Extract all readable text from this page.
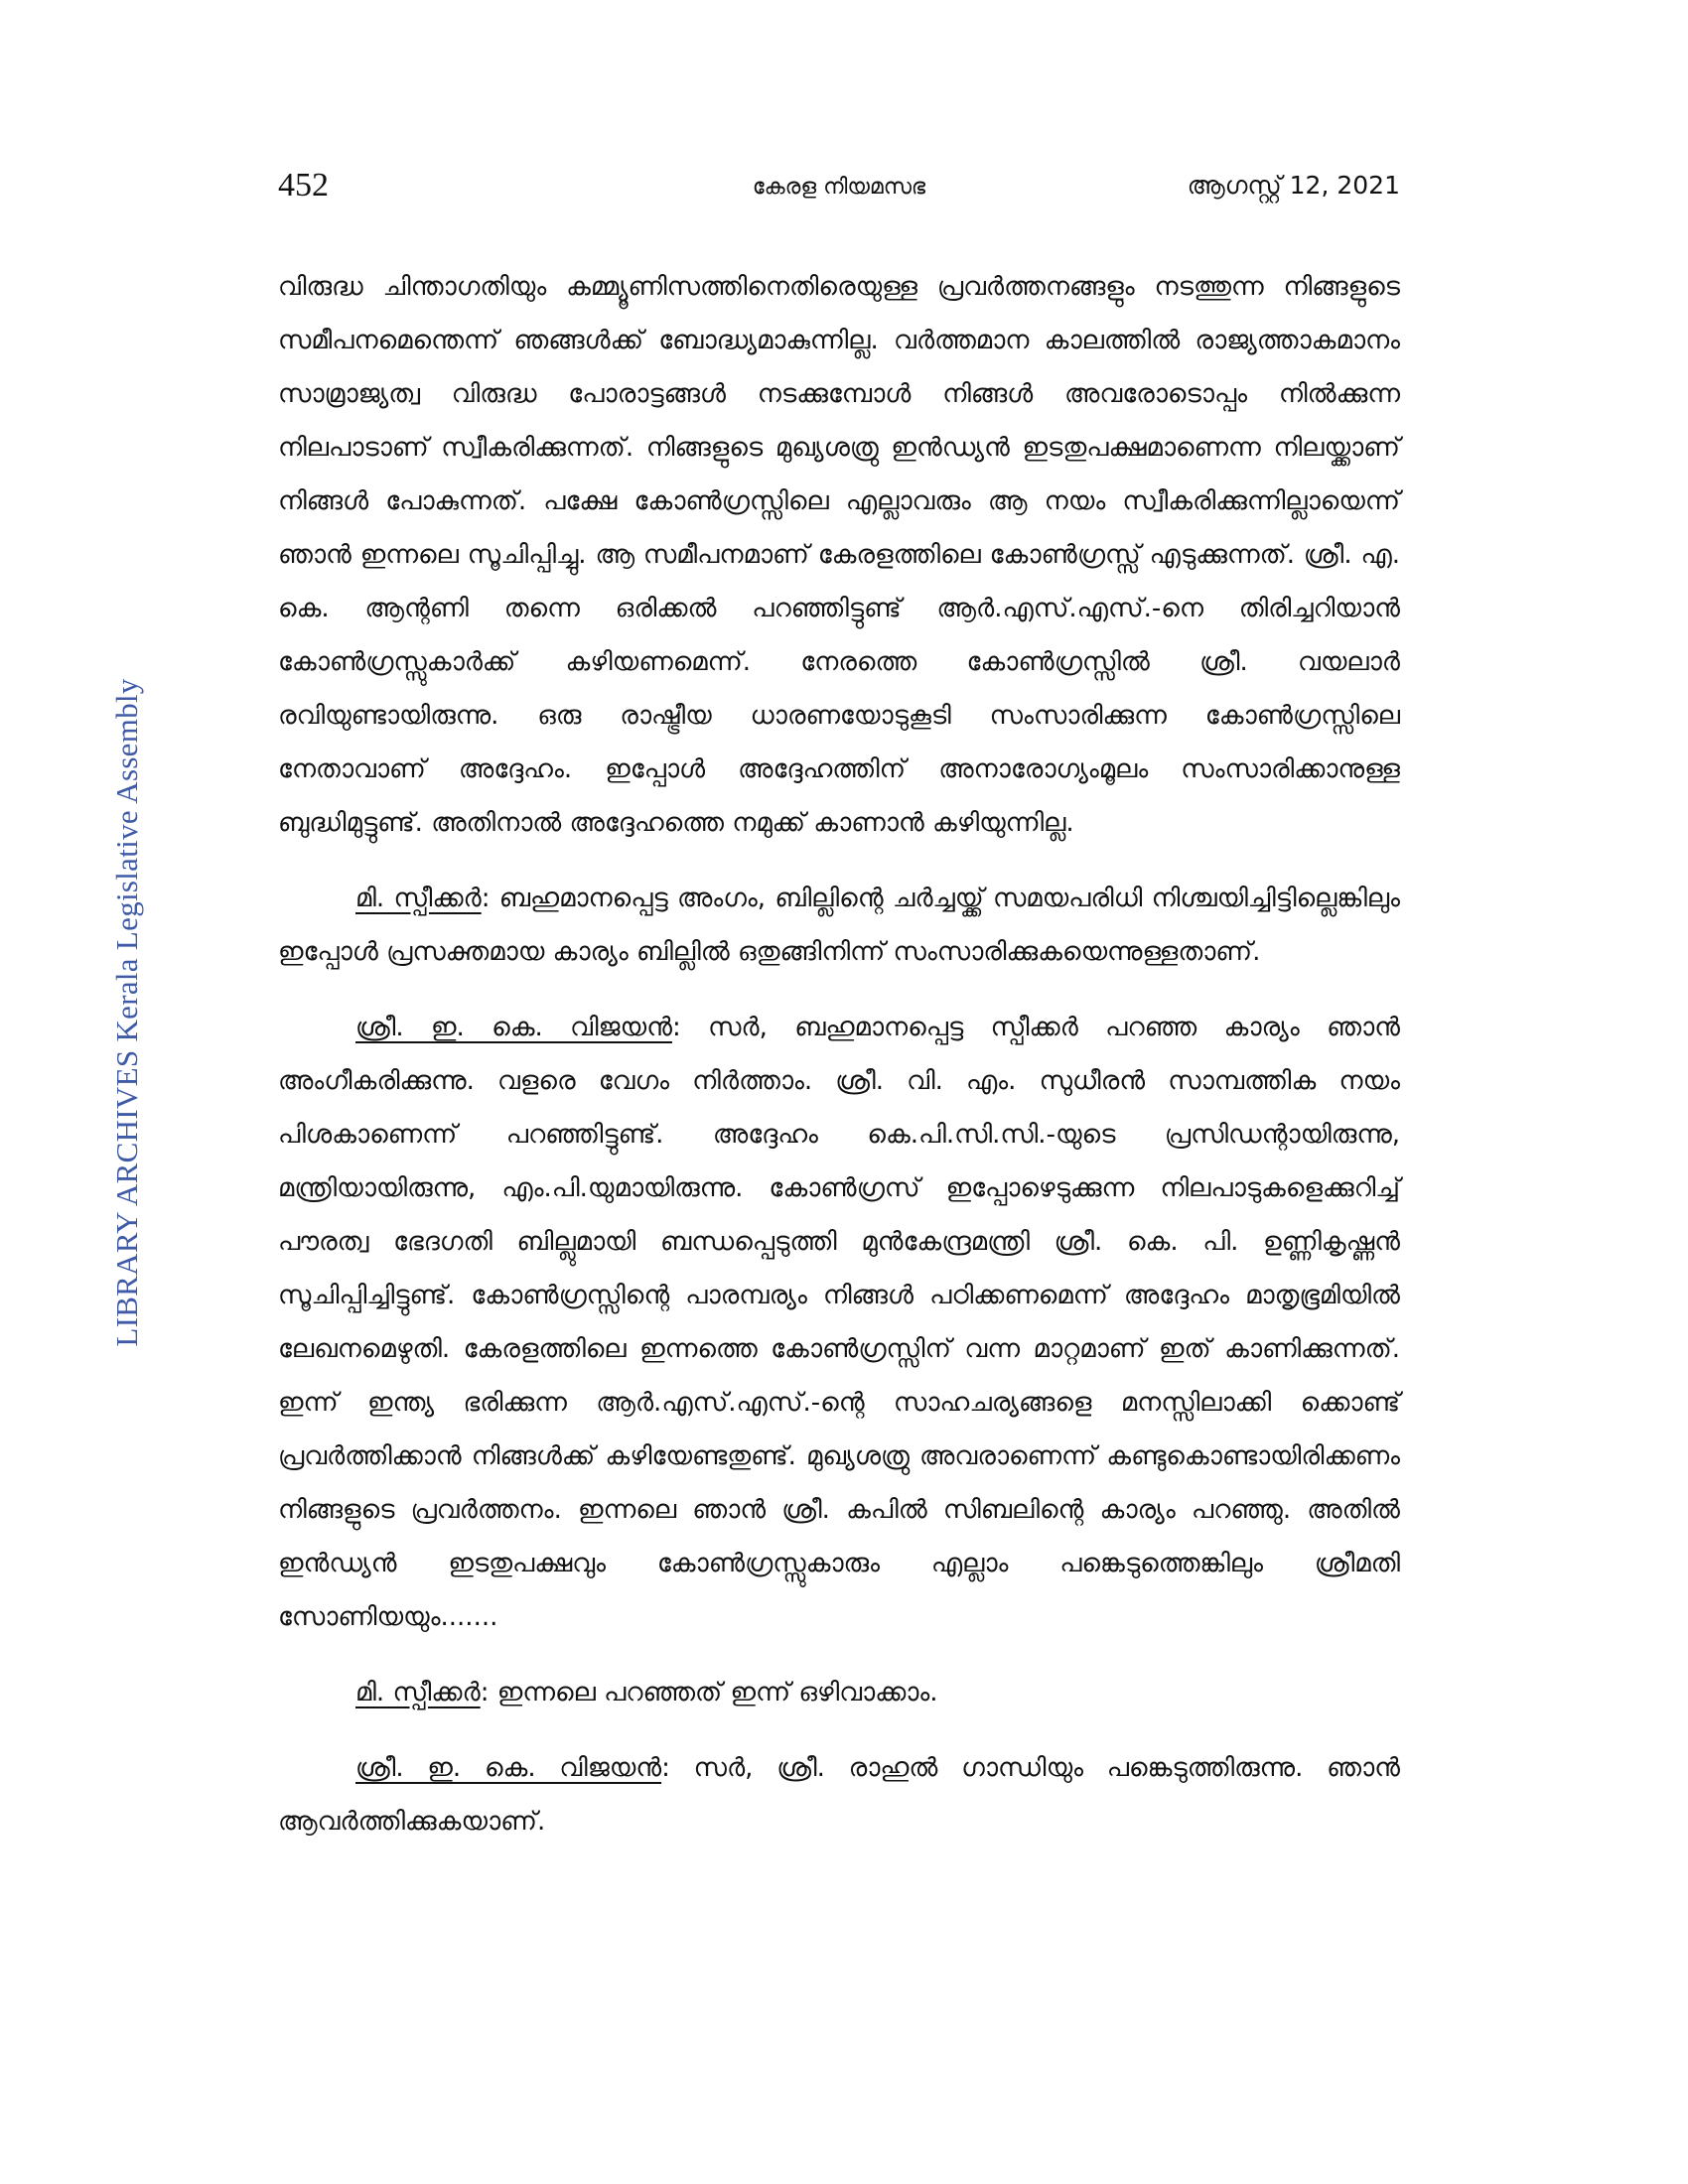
452	കേരള നിയമസഭ	ആഗസ്റ്റ് 12, 2021
LIBRARY ARCHIVES Kerala Legislative Assembly

വിരുദ്ധ ചിന്താഗതിയും കമ്മ്യൂണിസത്തിനെതിരെയുള്ള പ്രവർത്തനങ്ങളും നടത്തുന്ന നിങ്ങളുടെ സമീപനമെന്തെന്ന് ഞങ്ങൾക്ക് ബോദ്ധ്യമാകുന്നില്ല. വർത്തമാന കാലത്തിൽ രാജ്യത്താകമാനം സാമ്രാജ്യത്വ വിരുദ്ധ പോരാട്ടങ്ങൾ നടക്കുമ്പോൾ നിങ്ങൾ അവരോടൊപ്പം നിൽക്കുന്ന നിലപാടാണ് സ്വീകരിക്കുന്നത്. നിങ്ങളുടെ മുഖ്യശത്രു ഇൻഡ്യൻ ഇടതുപക്ഷമാണെന്ന നിലയ്ക്കാണ് നിങ്ങൾ പോകുന്നത്. പക്ഷേ കോൺഗ്രസ്സിലെ എല്ലാവരും ആ നയം സ്വീകരിക്കുന്നില്ലായെന്ന് ഞാൻ ഇന്നലെ സൂചിപ്പിച്ചു. ആ സമീപനമാണ് കേരളത്തിലെ കോൺഗ്രസ്സ് എടുക്കുന്നത്. ശ്രീ. എ. കെ. ആന്റണി തന്നെ ഒരിക്കൽ പറഞ്ഞിട്ടുണ്ട് ആർ.എസ്.എസ്.-നെ തിരിച്ചറിയാൻ കോൺഗ്രസ്സുകാർക്ക് കഴിയണമെന്ന്. നേരത്തെ കോൺഗ്രസ്സിൽ ശ്രീ. വയലാർ രവിയുണ്ടായിരുന്നു. ഒരു രാഷ്ട്രീയ ധാരണയോടുകൂടി സംസാരിക്കുന്ന കോൺഗ്രസ്സിലെ നേതാവാണ് അദ്ദേഹം. ഇപ്പോൾ അദ്ദേഹത്തിന് അനാരോഗ്യംമൂലം സംസാരിക്കാനുള്ള ബുദ്ധിമുട്ടുണ്ട്. അതിനാൽ അദ്ദേഹത്തെ നമുക്ക് കാണാൻ കഴിയുന്നില്ല.

മി. സ്പീക്കർ: ബഹുമാനപ്പെട്ട അംഗം, ബില്ലിന്റെ ചർച്ചയ്ക്ക് സമയപരിധി നിശ്ചയിച്ചിട്ടില്ലെങ്കിലും ഇപ്പോൾ പ്രസക്തമായ കാര്യം ബില്ലിൽ ഒതുങ്ങിനിന്ന് സംസാരിക്കുകയെന്നുള്ളതാണ്.

ശ്രീ. ഇ. കെ. വിജയൻ: സർ, ബഹുമാനപ്പെട്ട സ്പീക്കർ പറഞ്ഞ കാര്യം ഞാൻ അംഗീകരിക്കുന്നു. വളരെ വേഗം നിർത്താം. ശ്രീ. വി. എം. സുധീരൻ സാമ്പത്തിക നയം പിശകാണെന്ന് പറഞ്ഞിട്ടുണ്ട്. അദ്ദേഹം കെ.പി.സി.സി.-യുടെ പ്രസിഡന്റായിരുന്നു, മന്ത്രിയായിരുന്നു, എം.പി.യുമായിരുന്നു. കോൺഗ്രസ് ഇപ്പോഴെടുക്കുന്ന നിലപാടുകളെക്കുറിച്ച് പൗരത്വ ഭേദഗതി ബില്ലുമായി ബന്ധപ്പെടുത്തി മുൻകേന്ദ്രമന്ത്രി ശ്രീ. കെ. പി. ഉണ്ണികൃഷ്ണൻ സൂചിപ്പിച്ചിട്ടുണ്ട്. കോൺഗ്രസ്സിന്റെ പാരമ്പര്യം നിങ്ങൾ പഠിക്കണമെന്ന് അദ്ദേഹം മാതൃഭൂമിയിൽ ലേഖനമെഴുതി. കേരളത്തിലെ ഇന്നത്തെ കോൺഗ്രസ്സിന് വന്ന മാറ്റമാണ് ഇത് കാണിക്കുന്നത്. ഇന്ന് ഇന്ത്യ ഭരിക്കുന്ന ആർ.എസ്.എസ്.-ന്റെ സാഹചര്യങ്ങളെ മനസ്സിലാക്കി ക്കൊണ്ട് പ്രവർത്തിക്കാൻ നിങ്ങൾക്ക് കഴിയേണ്ടതുണ്ട്. മുഖ്യശത്രു അവരാണെന്ന് കണ്ടുകൊണ്ടായിരിക്കണം നിങ്ങളുടെ പ്രവർത്തനം. ഇന്നലെ ഞാൻ ശ്രീ. കപിൽ സിബലിന്റെ കാര്യം പറഞ്ഞു. അതിൽ ഇൻഡ്യൻ ഇടതുപക്ഷവും കോൺഗ്രസ്സുകാരും എല്ലാം പങ്കെടുത്തെങ്കിലും ശ്രീമതി സോണിയയും.......

മി. സ്പീക്കർ: ഇന്നലെ പറഞ്ഞത് ഇന്ന് ഒഴിവാക്കാം.

ശ്രീ. ഇ. കെ. വിജയൻ: സർ, ശ്രീ. രാഹുൽ ഗാന്ധിയും പങ്കെടുത്തിരുന്നു. ഞാൻ ആവർത്തിക്കുകയാണ്.
